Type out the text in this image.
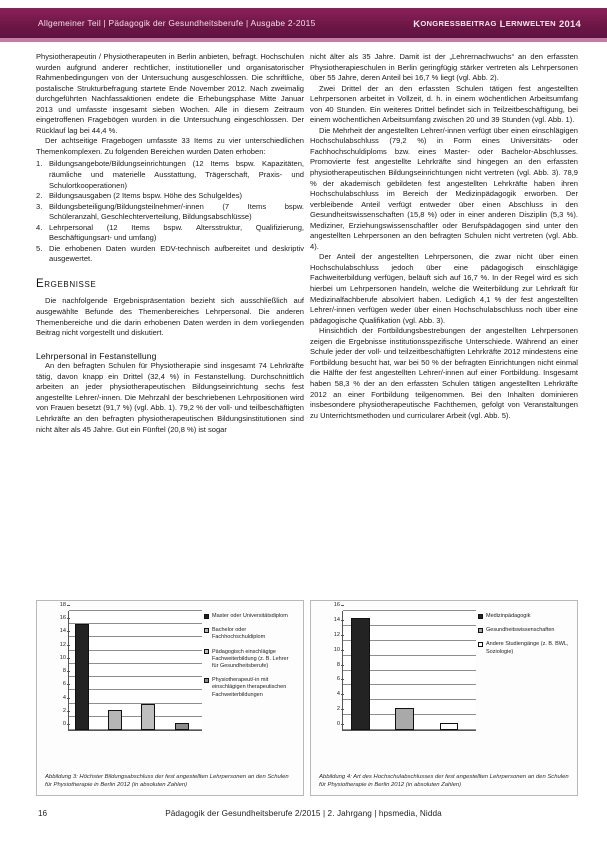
Allgemeiner Teil | Pädagogik der Gesundheitsberufe | Ausgabe 2-2015	K ONGRESSBEITRAG L ERNWELTEN 2014

Physiotherapeutin / Physiotherapeuten in Berlin anbieten, befragt. Hochschulen wurden aufgrund anderer rechtlicher, institutioneller und organisatorischer Rahmenbedingungen von der Untersuchung ausgeschlossen. Die schriftliche, postalische Strukturbefragung startete Ende November 2012. Nach zweimalig durchgeführten Nachfassaktionen endete die Erhebungsphase Mitte Januar 2013 und umfasste insgesamt sieben Wochen. Alle in diesem Zeitraum eingetroffenen Fragebögen wurden in die Untersuchung eingeschlossen. Der Rücklauf lag bei 44,4 %.

Der achtseitige Fragebogen umfasste 33 Items zu vier unterschiedlichen Themenkomplexen. Zu folgenden Bereichen wurden Daten erhoben:

1. Bildungsangebote/Bildungseinrichtungen (12 Items bspw. Kapazitäten, räumliche und materielle Ausstattung, Trägerschaft, Praxis- und Schulortkooperationen)
2. Bildungsausgaben (2 Items bspw. Höhe des Schulgeldes)
3. Bildungsbeteiligung/Bildungsteilnehmer/-innen (7 Items bspw. Schüleranzahl, Geschlechterverteilung, Bildungsabschlüsse)
4. Lehrpersonal (12 Items bspw. Altersstruktur, Qualifizierung, Beschäftigungsart- und umfang)
5. Die erhobenen Daten wurden EDV-technisch aufbereitet und deskriptiv ausgewertet.
Ergebnisse

Die nachfolgende Ergebnispräsentation bezieht sich ausschließlich auf ausgewählte Befunde des Themenbereiches Lehrpersonal. Die anderen Themenbereiche und die darin erhobenen Daten werden in dem vorliegenden Beitrag nicht vorgestellt und diskutiert.

Lehrpersonal in Festanstellung

An den befragten Schulen für Physiotherapie sind insgesamt 74 Lehrkräfte tätig, davon knapp ein Drittel (32,4 %) in Festanstellung. Durchschnittlich arbeiten an jeder physiotherapeutischen Bildungseinrichtung sechs fest angestellte Lehrer/-innen. Die Mehrzahl der beschriebenen Lehrpositionen wird von Frauen besetzt (91,7 %) (vgl. Abb. 1). 79,2 % der voll- und teilbeschäftigten Lehrkräfte an den befragten physiotherapeutischen Bildungsinstitutionen sind nicht älter als 45 Jahre. Gut ein Fünftel (20,8 %) ist sogar

nicht älter als 35 Jahre. Damit ist der „Lehrernachwuchs“ an den erfassten Physiotherapieschulen in Berlin geringfügig stärker vertreten als Lehrpersonen über 55 Jahre, deren Anteil bei 16,7 % liegt (vgl. Abb. 2).

Zwei Drittel der an den erfassten Schulen tätigen fest angestellten Lehrpersonen arbeitet in Vollzeit, d. h. in einem wöchentlichen Arbeitsumfang von 40 Stunden. Ein weiteres Drittel befindet sich in Teilzeitbeschäftigung, bei einem wöchentlichen Arbeitsumfang zwischen 20 und 39 Stunden (vgl. Abb. 1).

Die Mehrheit der angestellten Lehrer/-innen verfügt über einen einschlägigen Hochschulabschluss (79,2 %) in Form eines Universitäts- oder Fachhochschuldiploms bzw. eines Master- oder Bachelor-Abschlusses. Promovierte fest angestellte Lehrkräfte sind hingegen an den erfassten physiotherapeutischen Bildungseinrichtungen nicht vertreten (vgl. Abb. 3). 78,9 % der akademisch gebildeten fest angestellten Lehrkräfte haben ihren Hochschulabschluss im Bereich der Medizinpädagogik erworben. Der verbleibende Anteil verfügt entweder über einen Abschluss in den Gesundheitswissenschaften (15,8 %) oder in einer anderen Disziplin (5,3 %). Mediziner, Erziehungswissenschaftler oder Berufspädagogen sind unter den angestellten Lehrpersonen an den befragten Schulen nicht vertreten (vgl. Abb. 4).

Der Anteil der angestellten Lehrpersonen, die zwar nicht über einen Hochschulabschluss jedoch über eine pädagogisch einschlägige Fachweiterbildung verfügen, beläuft sich auf 16,7 %. In der Regel wird es sich hierbei um Lehrpersonen handeln, welche die Weiterbildung zur Lehrkraft für Medizinalfachberufe absolviert haben. Lediglich 4,1 % der fest angestellten Lehrer/-innen verfügen weder über einen Hochschulabschluss noch über eine pädagogische Qualifikation (vgl. Abb. 3).

Hinsichtlich der Fortbildungsbestrebungen der angestellten Lehrpersonen zeigen die Ergebnisse institutionsspezifische Unterschiede. Während an einer Schule jeder der voll- und teilzeitbeschäftigten Lehrkräfte 2012 mindestens eine Fortbildung besucht hat, war bei 50 % der befragten Einrichtungen nicht einmal die Hälfte der fest angestellten Lehrer/-innen auf einer Fortbildung. Insgesamt haben 58,3 % der an den erfassten Schulen tätigen angestellten Lehrkräfte 2012 an einer Fortbildung teilgenommen. Bei den Inhalten dominieren insbesondere physiotherapeutische Fachthemen, gefolgt von Veranstaltungen zu Unterrichtsmethoden und curricularer Arbeit (vgl. Abb. 5).

0
2
4
6
8
10
12
14
16
18
Master oder Universitätsdiplom
Bachelor oder Fachhochschuldiplom
Pädagogisch einschlägige Fachweiterbildung (z. B. Lehrer für Gesundheitsberufe)
Physiotherapeut/-in mit einschlägigen therapeutischen Fachweiterbildungen
Abbildung 3: Höchster Bildungsabschluss der fest angestellten Lehrpersonen an den Schulen für Physiotherapie in Berlin 2012 (in absoluten Zahlen)
0
2
4
6
8
10
12
14
16
Medizinpädagogik
Gesundheitswissenschaften
Andere Studiengänge (z. B. BWL, Soziologie)
Abbildung 4: Art des Hochschulabschlusses der fest angestellten Lehrpersonen an den Schulen für Physiotherapie in Berlin 2012 (in absoluten Zahlen)
16	Pädagogik der Gesundheitsberufe 2/2015 | 2. Jahrgang | hpsmedia, Nidda
